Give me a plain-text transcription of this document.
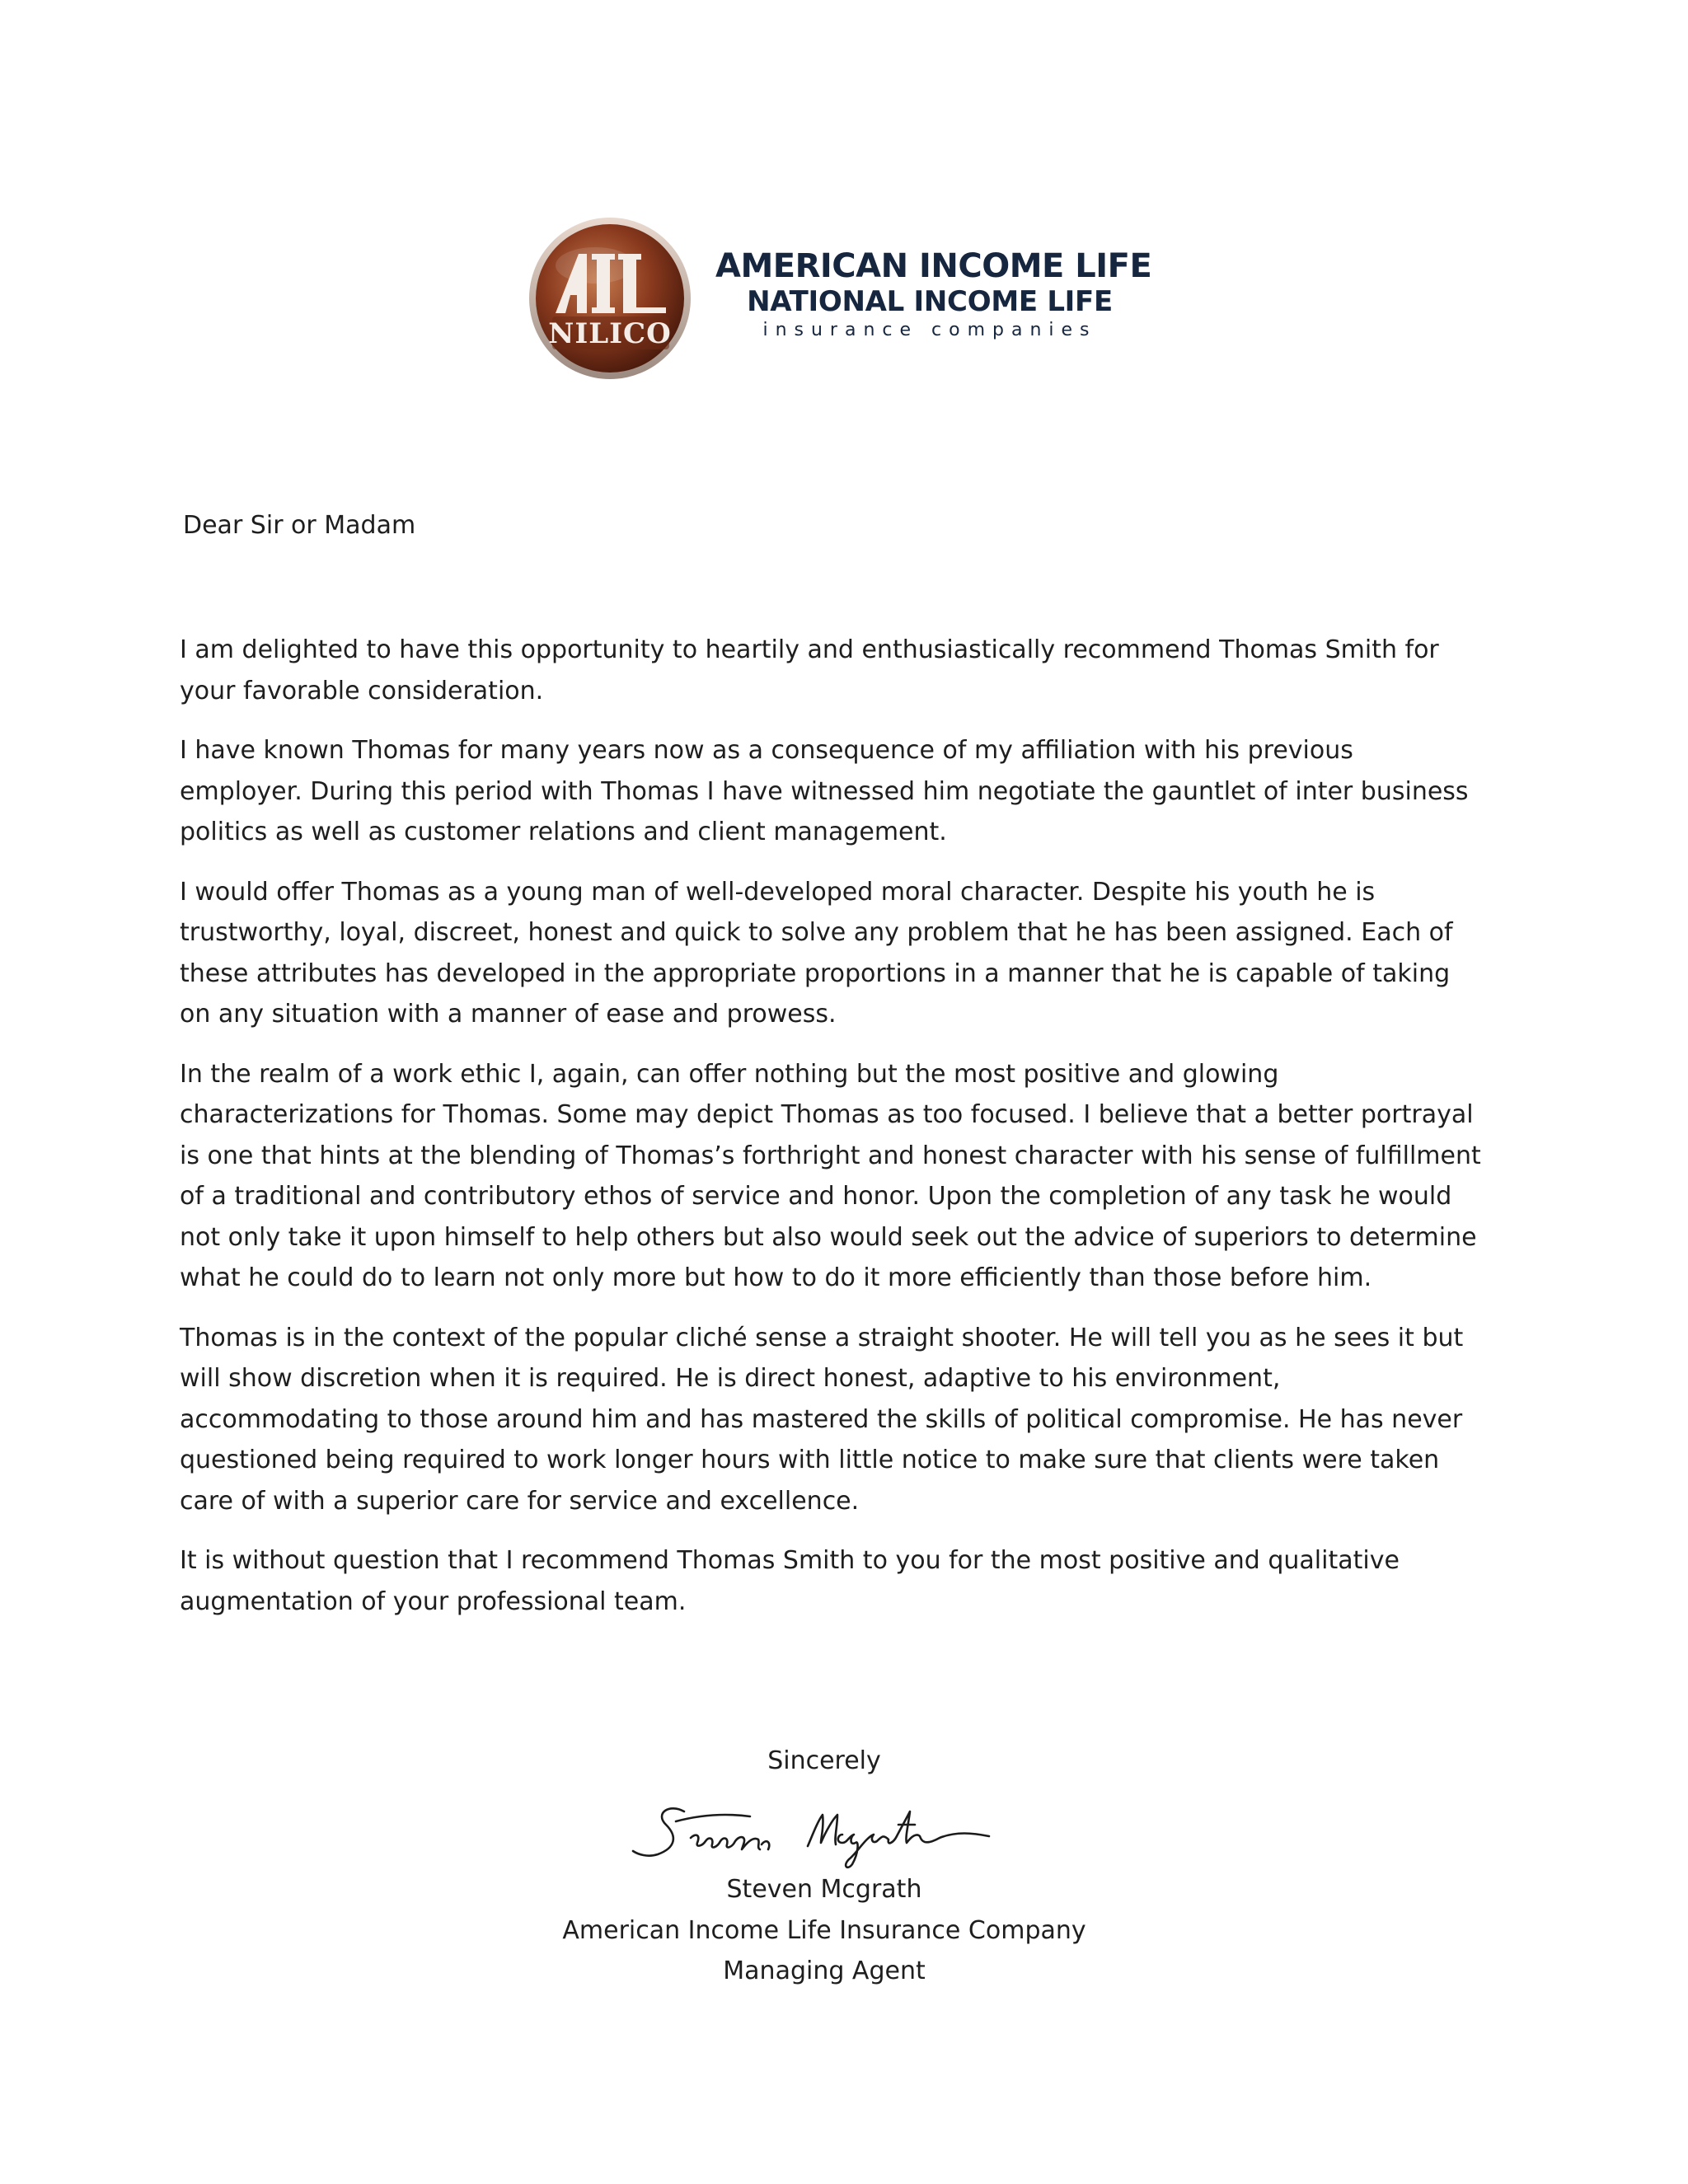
NILICO
AMERICAN INCOME LIFE
NATIONAL INCOME LIFE
insurance companies
Dear Sir or Madam

I am delighted to have this opportunity to heartily and enthusiastically recommend Thomas Smith for your favorable consideration.

I have known Thomas for many years now as a consequence of my affiliation with his previous employer. During this period with Thomas I have witnessed him negotiate the gauntlet of inter business politics as well as customer relations and client management.

I would offer Thomas as a young man of well-developed moral character. Despite his youth he is trustworthy, loyal, discreet, honest and quick to solve any problem that he has been assigned. Each of these attributes has developed in the appropriate proportions in a manner that he is capable of taking on any situation with a manner of ease and prowess.

In the realm of a work ethic I, again, can offer nothing but the most positive and glowing characterizations for Thomas. Some may depict Thomas as too focused. I believe that a better portrayal is one that hints at the blending of Thomas’s forthright and honest character with his sense of fulfillment of a traditional and contributory ethos of service and honor. Upon the completion of any task he would not only take it upon himself to help others but also would seek out the advice of superiors to determine what he could do to learn not only more but how to do it more efficiently than those before him.

Thomas is in the context of the popular cliché sense a straight shooter. He will tell you as he sees it but will show discretion when it is required. He is direct honest, adaptive to his environment, accommodating to those around him and has mastered the skills of political compromise. He has never questioned being required to work longer hours with little notice to make sure that clients were taken care of with a superior care for service and excellence.

It is without question that I recommend Thomas Smith to you for the most positive and qualitative augmentation of your professional team.

Sincerely
Steven Mcgrath
American Income Life Insurance Company
Managing Agent
